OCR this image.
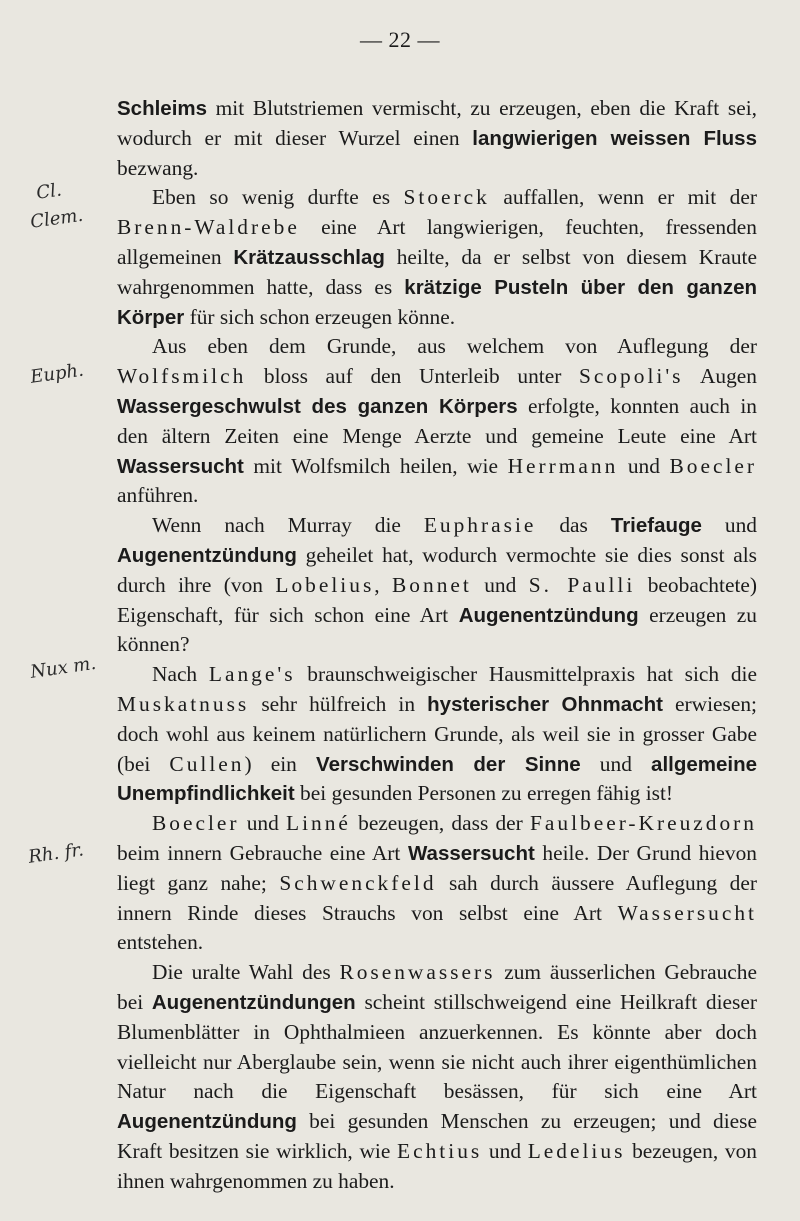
— 22 —
Cl.
Clem.
Euph.
Nux m.
Rh. fr.

Schleims mit Blutstriemen vermischt, zu erzeugen, eben die Kraft sei, wodurch er mit dieser Wurzel einen langwierigen weissen Fluss bezwang.

Eben so wenig durfte es Stoerck auffallen, wenn er mit der Brenn-Waldrebe eine Art langwierigen, feuchten, fressenden allgemeinen Krätzausschlag heilte, da er selbst von diesem Kraute wahrgenommen hatte, dass es krätzige Pusteln über den ganzen Körper für sich schon erzeugen könne.

Aus eben dem Grunde, aus welchem von Auflegung der Wolfsmilch bloss auf den Unterleib unter Scopoli's Augen Wassergeschwulst des ganzen Körpers erfolgte, konnten auch in den ältern Zeiten eine Menge Aerzte und gemeine Leute eine Art Wassersucht mit Wolfsmilch heilen, wie Herrmann und Boecler anführen.

Wenn nach Murray die Euphrasie das Triefauge und Augenentzündung geheilet hat, wodurch vermochte sie dies sonst als durch ihre (von Lobelius, Bonnet und S. Paulli beobachtete) Eigenschaft, für sich schon eine Art Augenentzündung erzeugen zu können?

Nach Lange's braunschweigischer Hausmittelpraxis hat sich die Muskatnuss sehr hülfreich in hysterischer Ohnmacht erwiesen; doch wohl aus keinem natürlichern Grunde, als weil sie in grosser Gabe (bei Cullen) ein Verschwinden der Sinne und allgemeine Unempfindlichkeit bei gesunden Personen zu erregen fähig ist!

Boecler und Linné bezeugen, dass der Faulbeer-Kreuzdorn beim innern Gebrauche eine Art Wassersucht heile. Der Grund hievon liegt ganz nahe; Schwenckfeld sah durch äussere Auflegung der innern Rinde dieses Strauchs von selbst eine Art Wassersucht entstehen.

Die uralte Wahl des Rosenwassers zum äusserlichen Gebrauche bei Augenentzündungen scheint stillschweigend eine Heilkraft dieser Blumenblätter in Ophthalmieen anzuerkennen. Es könnte aber doch vielleicht nur Aberglaube sein, wenn sie nicht auch ihrer eigenthümlichen Natur nach die Eigenschaft besässen, für sich eine Art Augenentzündung bei gesunden Menschen zu erzeugen; und diese Kraft besitzen sie wirklich, wie Echtius und Ledelius bezeugen, von ihnen wahrgenommen zu haben.
